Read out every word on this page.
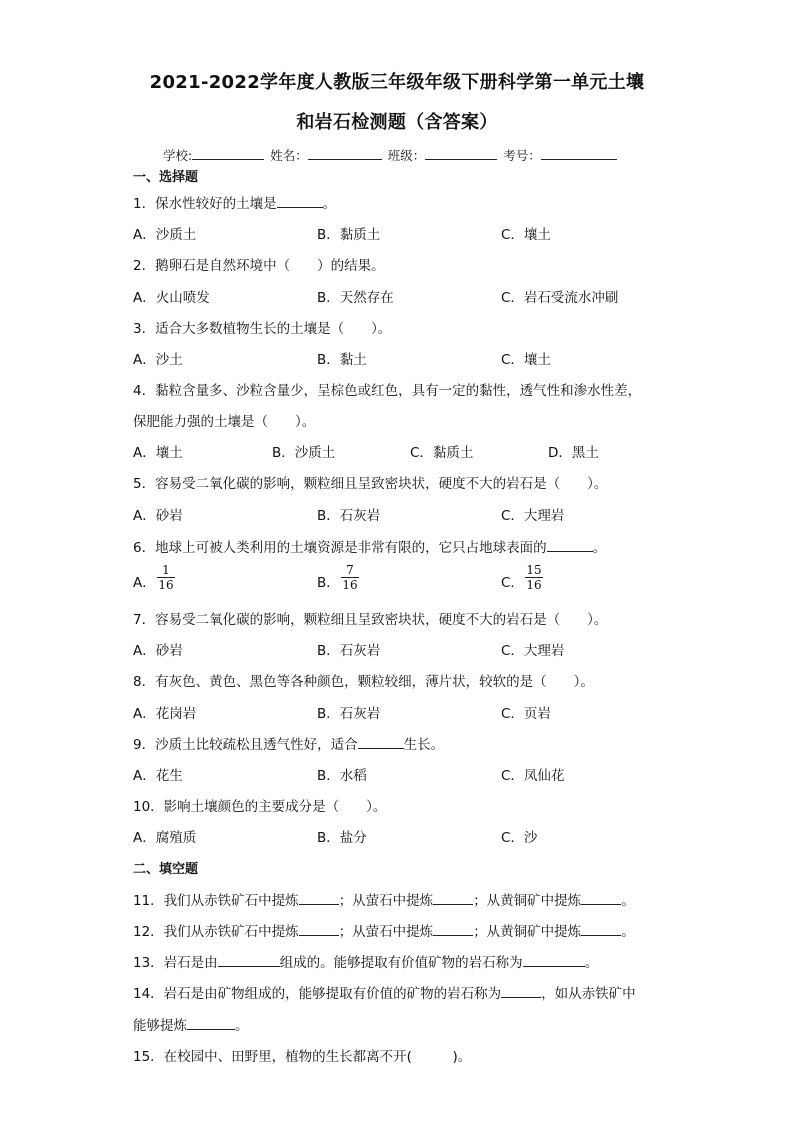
2021-2022学年度人教版三年级年级下册科学第一单元土壤
和岩石检测题（含答案）
学校:	姓名：	班级：	考号：
一、选择题
1．保水性较好的土壤是	。
A．沙质土	B．黏质土	C．壤土
2．鹅卵石是自然环境中（　　）的结果。
A．火山喷发	B．天然存在	C．岩石受流水冲刷
3．适合大多数植物生长的土壤是（　　）。
A．沙土	B．黏土	C．壤土
4．黏粒含量多、沙粒含量少，呈棕色或红色，具有一定的黏性，透气性和渗水性差，
保肥能力强的土壤是（　　）。
A．壤土	B．沙质土	C．黏质土	D．黑土
5．容易受二氧化碳的影响，颗粒细且呈致密块状，硬度不大的岩石是（　　）。
A．砂岩	B．石灰岩	C．大理岩
6．地球上可被人类利用的土壤资源是非常有限的，它只占地球表面的	。
A．
1
16	B．
7
16	C．
15
16
7．容易受二氧化碳的影响，颗粒细且呈致密块状，硬度不大的岩石是（　　）。
A．砂岩	B．石灰岩	C．大理岩
8．有灰色、黄色、黑色等各种颜色，颗粒较细，薄片状，较软的是（　　）。
A．花岗岩	B．石灰岩	C．页岩
9．沙质土比较疏松且透气性好，适合	生长。
A．花生	B．水稻	C．凤仙花
10．影响土壤颜色的主要成分是（　　）。
A．腐殖质	B．盐分	C．沙
二、填空题
11．我们从赤铁矿石中提炼	；从萤石中提炼	；从黄铜矿中提炼	。
12．我们从赤铁矿石中提炼	；从萤石中提炼	；从黄铜矿中提炼	。
13．岩石是由	组成的。能够提取有价值矿物的岩石称为	。
14．岩石是由矿物组成的，能够提取有价值的矿物的岩石称为	，如从赤铁矿中
能够提炼	。
15．在校园中、田野里，植物的生长都离不开(　　　)。
